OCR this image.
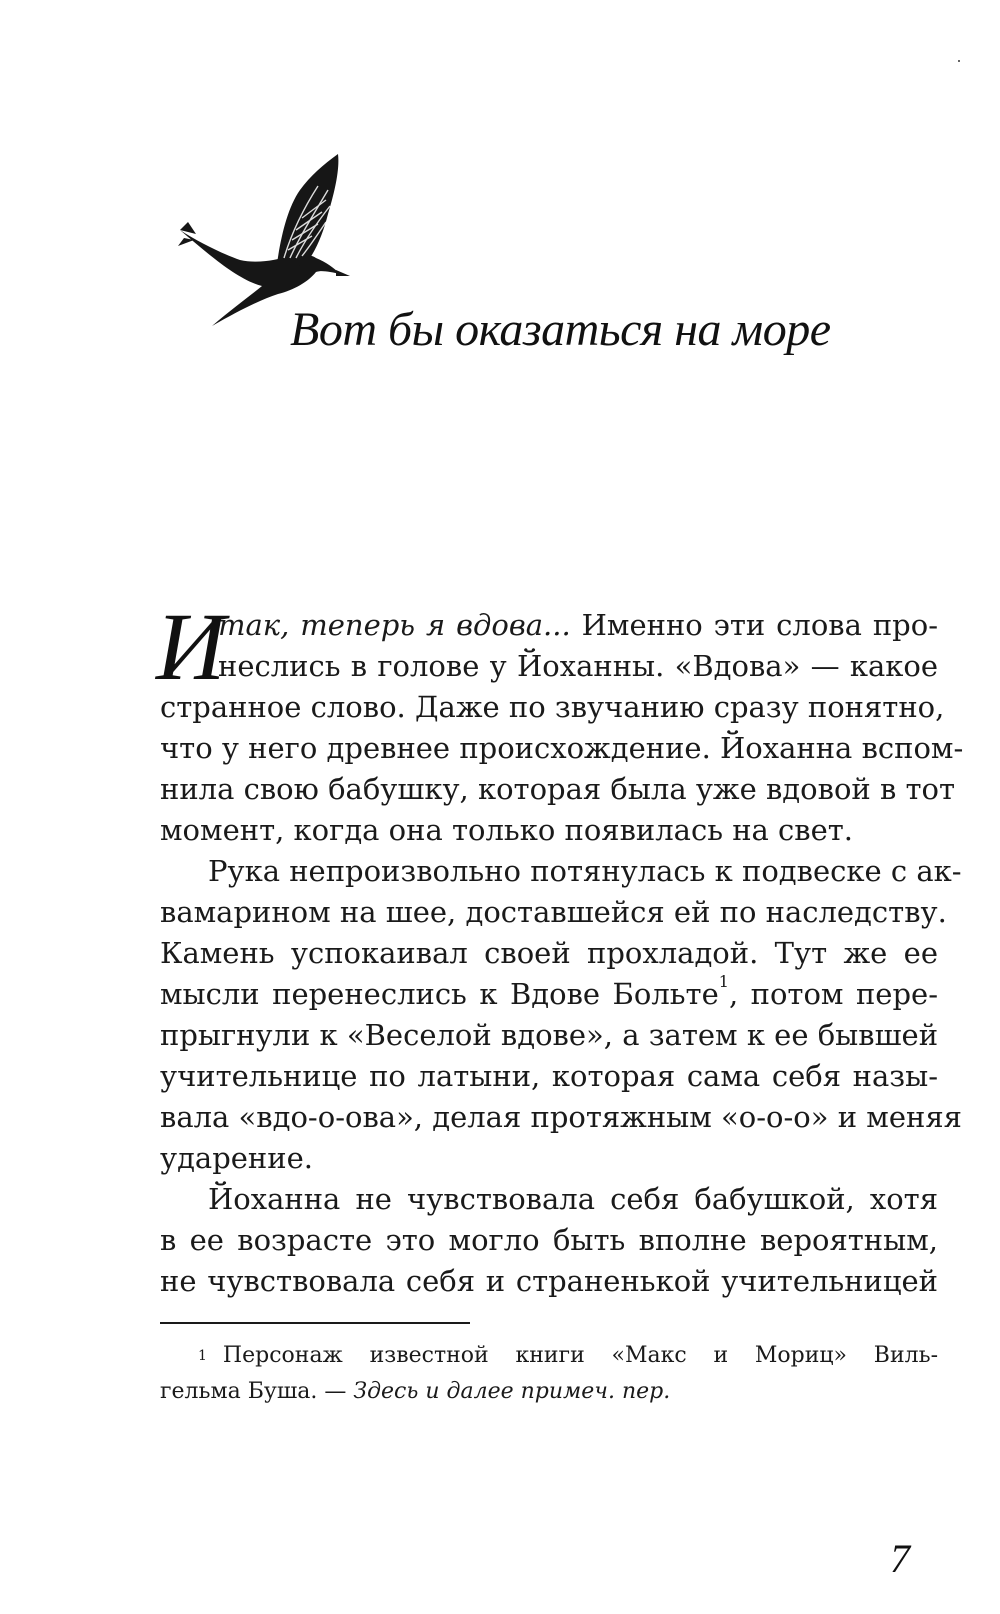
Вот бы оказаться на море
И
так, теперь я вдова... Именно эти слова про-
неслись в голове у Йоханны. «Вдова» — какое
странное слово. Даже по звучанию сразу понятно,
что у него древнее происхождение. Йоханна вспом-
нила свою бабушку, которая была уже вдовой в тот
момент, когда она только появилась на свет.
Рука непроизвольно потянулась к подвеске с ак-
вамарином на шее, доставшейся ей по наследству.
Камень успокаивал своей прохладой. Тут же ее
мысли перенеслись к Вдове Больте$^1$, потом пере-
прыгнули к «Веселой вдове», а затем к ее бывшей
учительнице по латыни, которая сама себя назы-
вала «вдо-о-ова», делая протяжным «о-о-о» и меняя
ударение.
Йоханна не чувствовала себя бабушкой, хотя
в ее возрасте это могло быть вполне вероятным,
не чувствовала себя и страненькой учительницей
$^1$ Персонаж известной книги «Макс и Мориц» Виль-
гельма Буша. — Здесь и далее примеч. пер.
7
